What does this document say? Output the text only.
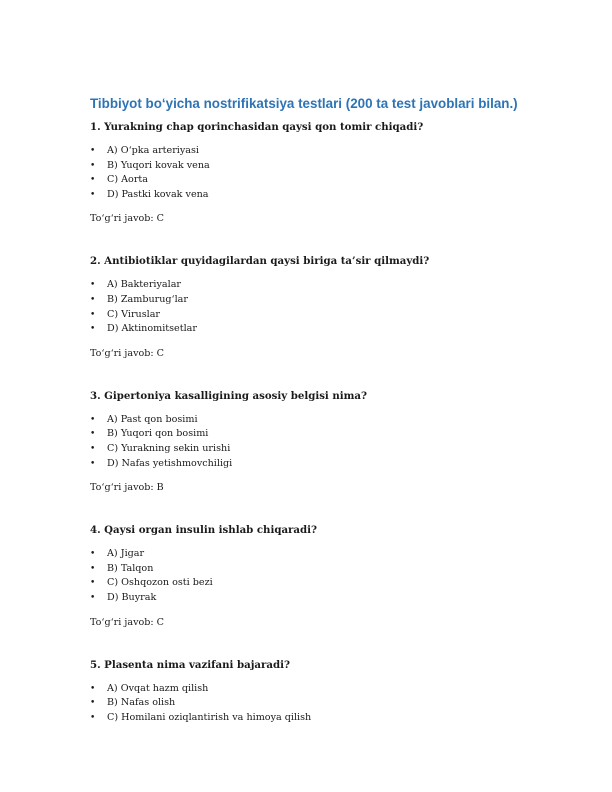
Tibbiyot bo‘yicha nostrifikatsiya testlari (200 ta test javoblari bilan.)

1. Yurakning chap qorinchasidan qaysi qon tomir chiqadi?

• A) O‘pka arteriyasi
• B) Yuqori kovak vena
• C) Aorta
• D) Pastki kovak vena

To‘g‘ri javob: C

2. Antibiotiklar quyidagilardan qaysi biriga ta’sir qilmaydi?

• A) Bakteriyalar
• B) Zamburug‘lar
• C) Viruslar
• D) Aktinomitsetlar

To‘g‘ri javob: C

3. Gipertoniya kasalligining asosiy belgisi nima?

• A) Past qon bosimi
• B) Yuqori qon bosimi
• C) Yurakning sekin urishi
• D) Nafas yetishmovchiligi

To‘g‘ri javob: B

4. Qaysi organ insulin ishlab chiqaradi?

• A) Jigar
• B) Talqon
• C) Oshqozon osti bezi
• D) Buyrak

To‘g‘ri javob: C

5. Plasenta nima vazifani bajaradi?

• A) Ovqat hazm qilish
• B) Nafas olish
• C) Homilani oziqlantirish va himoya qilish
